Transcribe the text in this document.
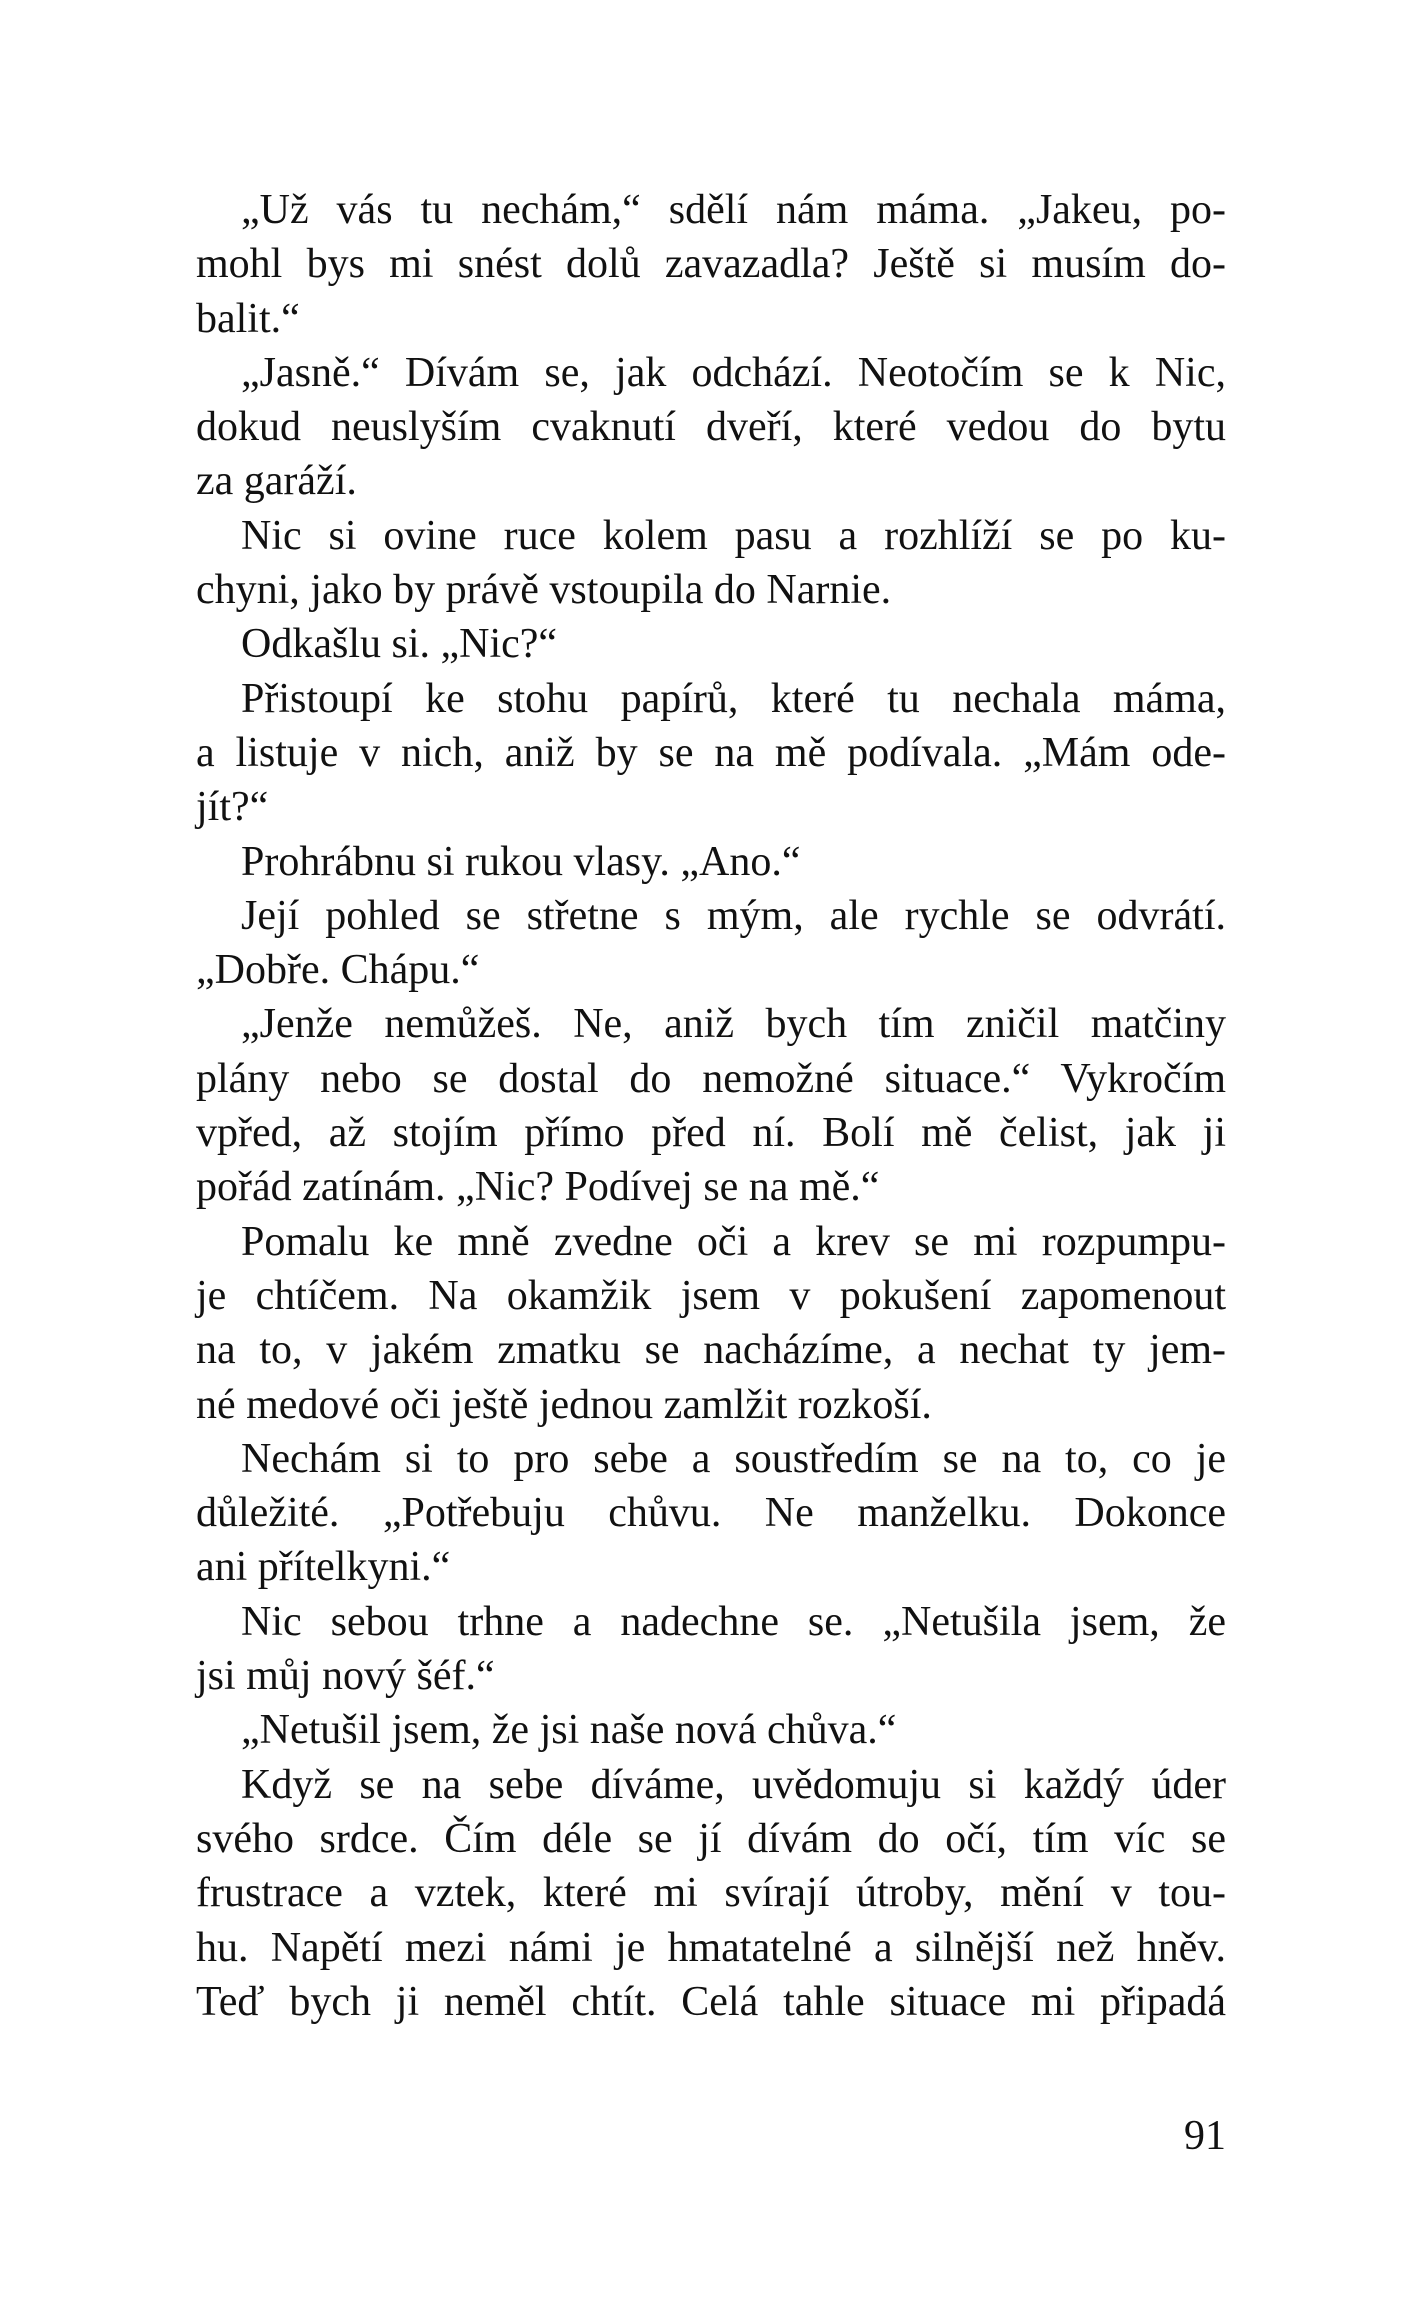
„Už vás tu nechám,“ sdělí nám máma. „Jakeu, po-
mohl bys mi snést dolů zavazadla? Ještě si musím do-
balit.“
„Jasně.“ Dívám se, jak odchází. Neotočím se k Nic,
dokud neuslyším cvaknutí dveří, které vedou do bytu
za garáží.
Nic si ovine ruce kolem pasu a rozhlíží se po ku-
chyni, jako by právě vstoupila do Narnie.
Odkašlu si. „Nic?“
Přistoupí ke stohu papírů, které tu nechala máma,
a listuje v nich, aniž by se na mě podívala. „Mám ode-
jít?“
Prohrábnu si rukou vlasy. „Ano.“
Její pohled se střetne s mým, ale rychle se odvrátí.
„Dobře. Chápu.“
„Jenže nemůžeš. Ne, aniž bych tím zničil matčiny
plány nebo se dostal do nemožné situace.“ Vykročím
vpřed, až stojím přímo před ní. Bolí mě čelist, jak ji
pořád zatínám. „Nic? Podívej se na mě.“
Pomalu ke mně zvedne oči a krev se mi rozpumpu-
je chtíčem. Na okamžik jsem v pokušení zapomenout
na to, v jakém zmatku se nacházíme, a nechat ty jem-
né medové oči ještě jednou zamlžit rozkoší.
Nechám si to pro sebe a soustředím se na to, co je
důležité. „Potřebuju chůvu. Ne manželku. Dokonce
ani přítelkyni.“
Nic sebou trhne a nadechne se. „Netušila jsem, že
jsi můj nový šéf.“
„Netušil jsem, že jsi naše nová chůva.“
Když se na sebe díváme, uvědomuju si každý úder
svého srdce. Čím déle se jí dívám do očí, tím víc se
frustrace a vztek, které mi svírají útroby, mění v tou-
hu. Napětí mezi námi je hmatatelné a silnější než hněv.
Teď bych ji neměl chtít. Celá tahle situace mi připadá
91
